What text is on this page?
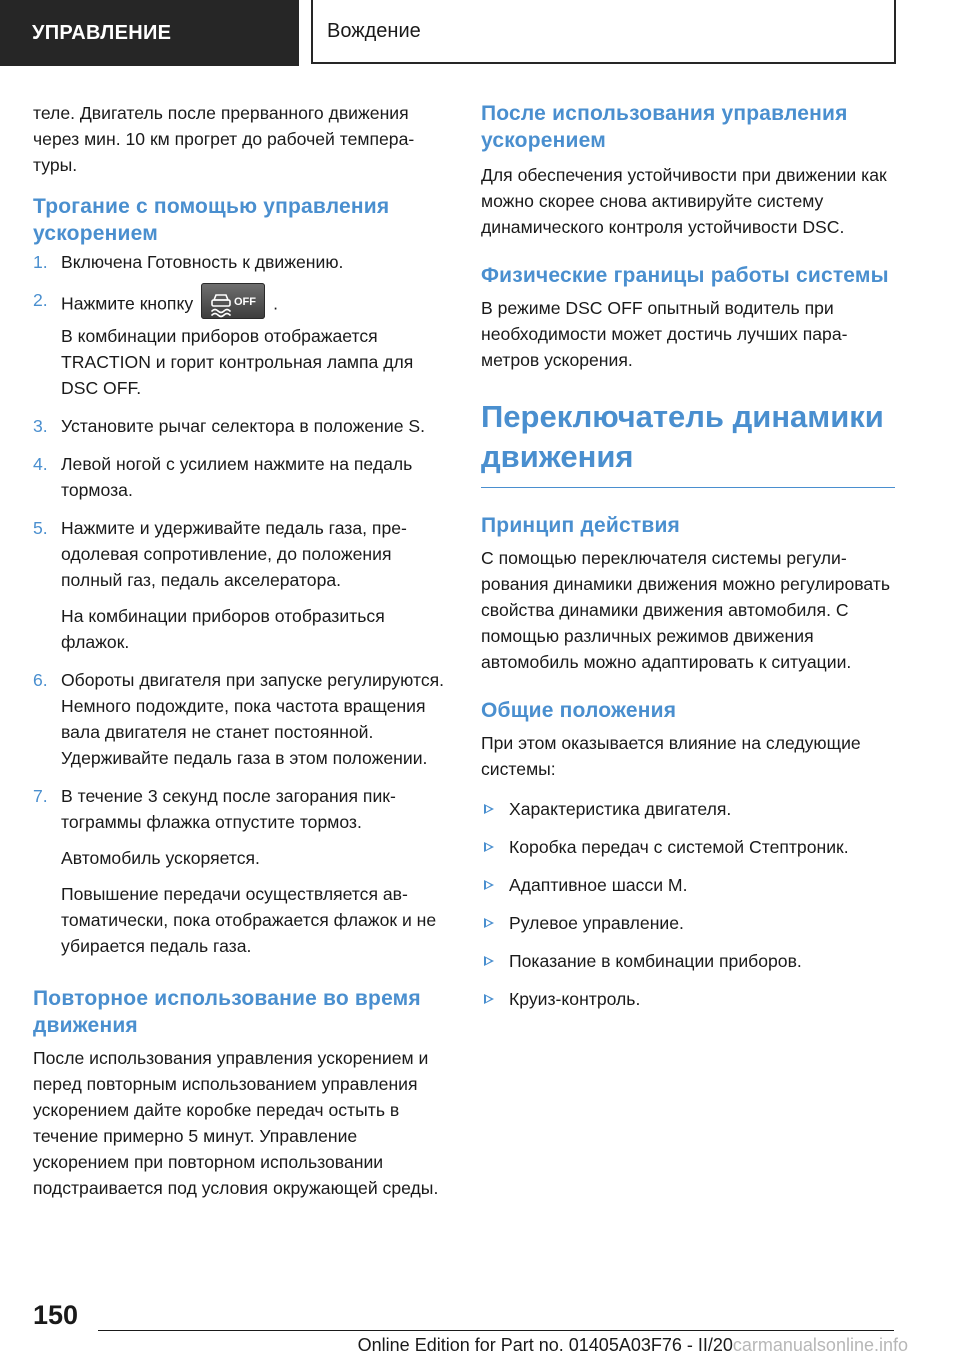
УПРАВЛЕНИЕ	Вождение

теле. Двигатель после прерванного движения через мин. 10 км прогрет до рабочей температуры.

Трогание с помощью управления ускорением
1. Включена Готовность к движению.
2. Нажмите кнопку	OFF .
В комбинации приборов отображается TRACTION и горит контрольная лампа для DSC OFF.
3. Установите рычаг селектора в положение S.
4. Левой ногой с усилием нажмите на педаль тормоза.
5. Нажмите и удерживайте педаль газа, преодолевая сопротивление, до положения полный газ, педаль акселератора.
На комбинации приборов отобразиться флажок.
6. Обороты двигателя при запуске регулируются. Немного подождите, пока частота вращения вала двигателя не станет постоянной. Удерживайте педаль газа в этом положении.
7. В течение 3 секунд после загорания пиктограммы флажка отпустите тормоз.
Автомобиль ускоряется.
Повышение передачи осуществляется автоматически, пока отображается флажок и не убирается педаль газа.
Повторное использование во время движения

После использования управления ускорением и перед повторным использованием управления ускорением дайте коробке передач остыть в течение примерно 5 минут. Управление ускорением при повторном использовании подстраивается под условия окружающей среды.

После использования управления ускорением

Для обеспечения устойчивости при движении как можно скорее снова активируйте систему динамического контроля устойчивости DSC.

Физические границы работы системы

В режиме DSC OFF опытный водитель при необходимости может достичь лучших параметров ускорения.

Переключатель динамики движения
Принцип действия

С помощью переключателя системы регулирования динамики движения можно регулировать свойства динамики движения автомобиля. С помощью различных режимов движения автомобиль можно адаптировать к ситуации.

Общие положения

При этом оказывается влияние на следующие системы:

Характеристика двигателя.
Коробка передач с системой Стептроник.
Адаптивное шасси M.
Рулевое управление.
Показание в комбинации приборов.
Круиз-контроль.
150
Online Edition for Part no. 01405A03F76 - II/20carmanualsonline.info
